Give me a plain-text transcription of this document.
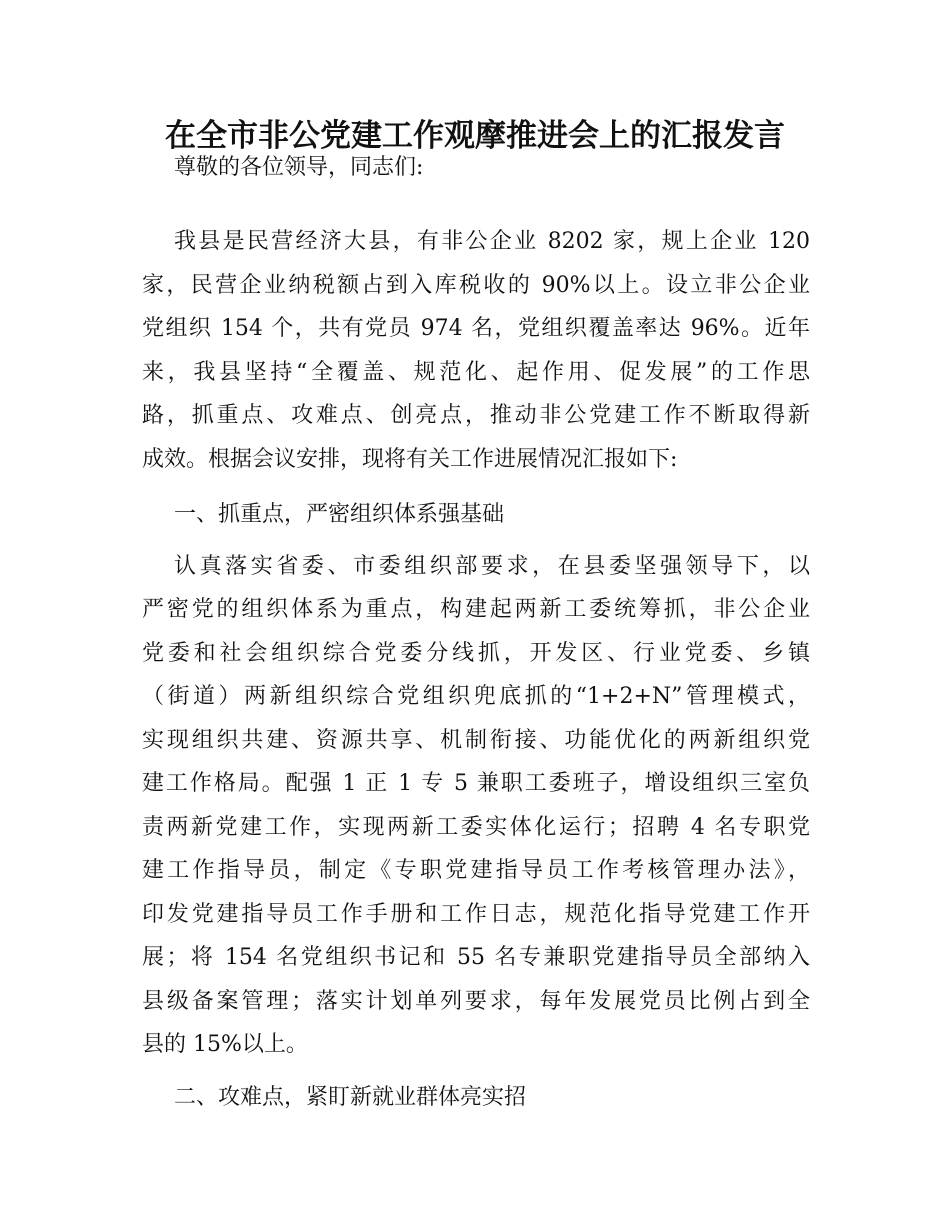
在全市非公党建工作观摩推进会上的汇报发言
尊敬的各位领导，同志们:
我县是民营经济大县，有非公企业 8202 家，规上企业 120
家，民营企业纳税额占到入库税收的 90%以上。设立非公企业
党组织 154 个，共有党员 974 名，党组织覆盖率达 96%。近年
来，我县坚持“全覆盖、规范化、起作用、促发展”的工作思
路，抓重点、攻难点、创亮点，推动非公党建工作不断取得新
成效。根据会议安排，现将有关工作进展情况汇报如下:
一、抓重点，严密组织体系强基础
认真落实省委、市委组织部要求，在县委坚强领导下，以
严密党的组织体系为重点，构建起两新工委统筹抓，非公企业
党委和社会组织综合党委分线抓，开发区、行业党委、乡镇
（街道）两新组织综合党组织兜底抓的“1+2+N”管理模式，
实现组织共建、资源共享、机制衔接、功能优化的两新组织党
建工作格局。配强 1 正 1 专 5 兼职工委班子，增设组织三室负
责两新党建工作，实现两新工委实体化运行；招聘 4 名专职党
建工作指导员，制定《专职党建指导员工作考核管理办法》，
印发党建指导员工作手册和工作日志，规范化指导党建工作开
展；将 154 名党组织书记和 55 名专兼职党建指导员全部纳入
县级备案管理；落实计划单列要求，每年发展党员比例占到全
县的 15%以上。
二、攻难点，紧盯新就业群体亮实招
